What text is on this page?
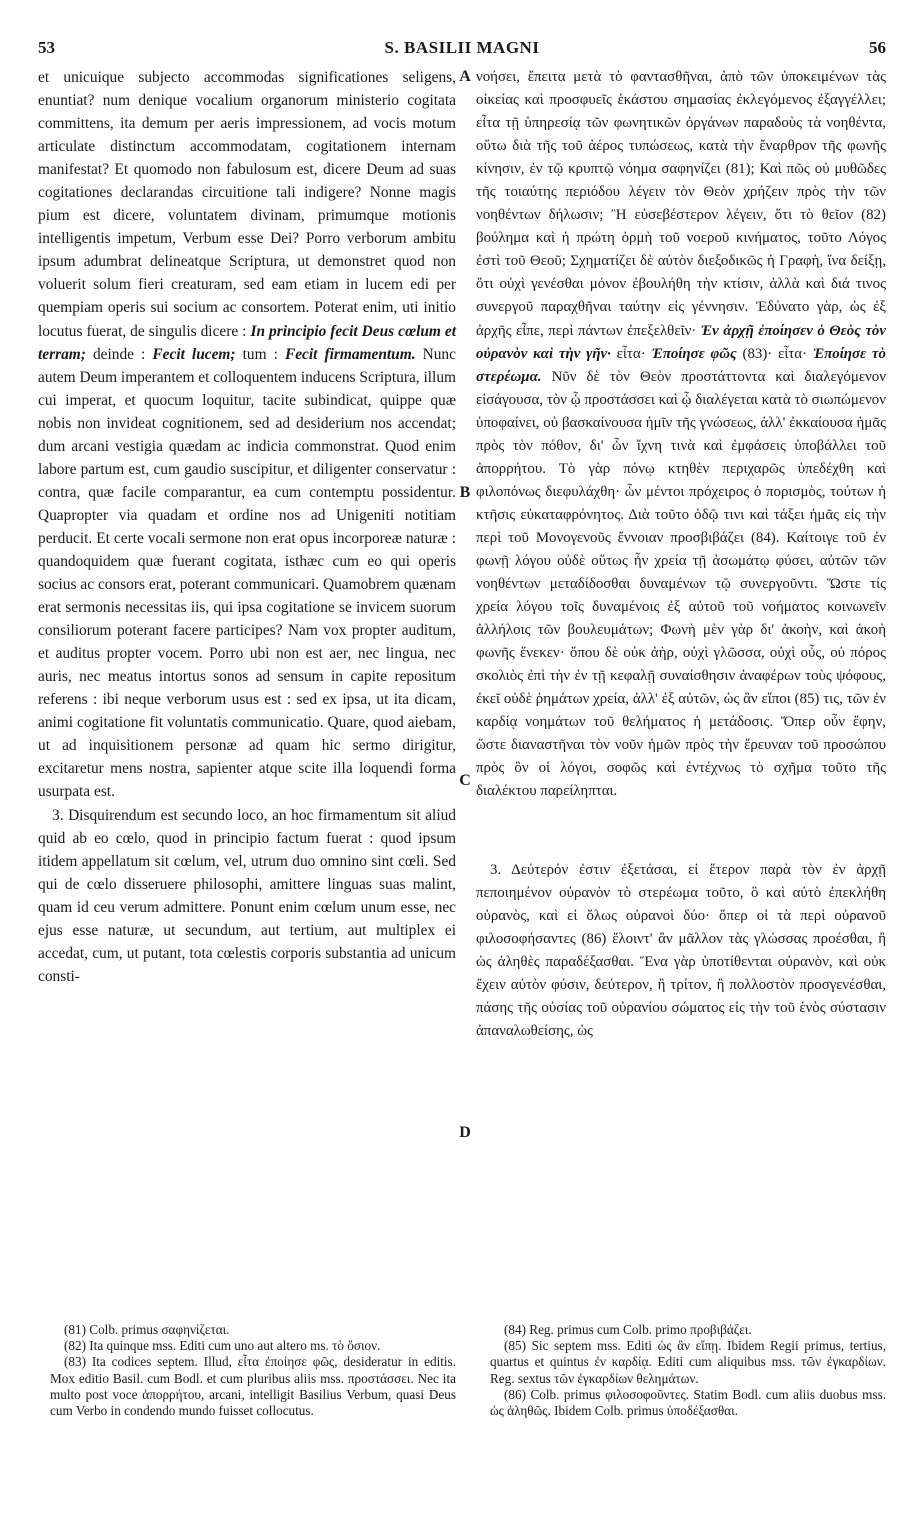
53	S. BASILII MAGNI	56

et unicuique subjecto accommodas significationes seligens, enuntiat? num denique vocalium organorum ministerio cogitata committens, ita demum per aeris impressionem, ad vocis motum articulate distinctum accommodatam, cogitationem internam manifestat? Et quomodo non fabulosum est, dicere Deum ad suas cogitationes declarandas circuitione tali indigere? Nonne magis pium est dicere, voluntatem divinam, primumque motionis intelligentis impetum, Verbum esse Dei? Porro verborum ambitu ipsum adumbrat delineatque Scriptura, ut demonstret quod non voluerit solum fieri creaturam, sed eam etiam in lucem edi per quempiam operis sui socium ac consortem. Poterat enim, uti initio locutus fuerat, de singulis dicere : In principio fecit Deus cœlum et terram; deinde : Fecit lucem; tum : Fecit firmamentum. Nunc autem Deum imperantem et colloquentem inducens Scriptura, illum cui imperat, et quocum loquitur, tacite subindicat, quippe quæ nobis non invideat cognitionem, sed ad desiderium nos accendat; dum arcani vestigia quædam ac indicia commonstrat. Quod enim labore partum est, cum gaudio suscipitur, et diligenter conservatur : contra, quæ facile comparantur, ea cum contemptu possidentur. Quapropter via quadam et ordine nos ad Unigeniti notitiam perducit. Et certe vocali sermone non erat opus incorporeæ naturæ : quandoquidem quæ fuerant cogitata, isthæc cum eo qui operis socius ac consors erat, poterant communicari. Quamobrem quænam erat sermonis necessitas iis, qui ipsa cogitatione se invicem suorum consiliorum poterant facere participes? Nam vox propter auditum, et auditus propter vocem. Porro ubi non est aer, nec lingua, nec auris, nec meatus intortus sonos ad sensum in capite repositum referens : ibi neque verborum usus est : sed ex ipsa, ut ita dicam, animi cogitatione fit voluntatis communicatio. Quare, quod aiebam, ut ad inquisitionem personæ ad quam hic sermo dirigitur, excitaretur mens nostra, sapienter atque scite illa loquendi forma usurpata est.

3. Disquirendum est secundo loco, an hoc firmamentum sit aliud quid ab eo cœlo, quod in principio factum fuerat : quod ipsum itidem appellatum sit cœlum, vel, utrum duo omnino sint cœli. Sed qui de cœlo disseruere philosophi, amittere linguas suas malint, quam id ceu verum admittere. Ponunt enim cœlum unum esse, nec ejus esse naturæ, ut secundum, aut tertium, aut multiplex ei accedat, cum, ut putant, tota cœlestis corporis substantia ad unicum consti-

νοήσει, ἔπειτα μετὰ τὸ φαντασθῆναι, ἀπὸ τῶν ὑποκειμένων τὰς οἰκείας καὶ προσφυεῖς ἑκάστου σημασίας ἐκλεγόμενος ἐξαγγέλλει; εἶτα τῇ ὑπηρεσίᾳ τῶν φωνητικῶν ὀργάνων παραδοὺς τὰ νοηθέντα, οὕτω διὰ τῆς τοῦ ἀέρος τυπώσεως, κατὰ τὴν ἔναρθρον τῆς φωνῆς κίνησιν, ἐν τῷ κρυπτῷ νόημα σαφηνίζει (81); Καὶ πῶς οὐ μυθῶδες τῆς τοιαύτης περιόδου λέγειν τὸν Θεὸν χρήζειν πρὸς τὴν τῶν νοηθέντων δήλωσιν; Ἢ εὐσεβέστερον λέγειν, ὅτι τὸ θεῖον (82) βούλημα καὶ ἡ πρώτη ὁρμὴ τοῦ νοεροῦ κινήματος, τοῦτο Λόγος ἐστὶ τοῦ Θεοῦ; Σχηματίζει δὲ αὐτὸν διεξοδικῶς ἡ Γραφὴ, ἵνα δείξῃ, ὅτι οὐχὶ γενέσθαι μόνον ἐβουλήθη τὴν κτίσιν, ἀλλὰ καὶ διά τινος συνεργοῦ παραχθῆναι ταύτην εἰς γέννησιν. Ἐδύνατο γὰρ, ὡς ἐξ ἀρχῆς εἶπε, περὶ πάντων ἐπεξελθεῖν· Ἐν ἀρχῇ ἐποίησεν ὁ Θεὸς τὸν οὐρανὸν καὶ τὴν γῆν· εἶτα· Ἐποίησε φῶς (83)· εἶτα· Ἐποίησε τὸ στερέωμα. Νῦν δὲ τὸν Θεὸν προστάττοντα καὶ διαλεγόμενον εἰσάγουσα, τὸν ᾧ προστάσσει καὶ ᾧ διαλέγεται κατὰ τὸ σιωπώμενον ὑποφαίνει, οὐ βασκαίνουσα ἡμῖν τῆς γνώσεως, ἀλλ' ἐκκαίουσα ἡμᾶς πρὸς τὸν πόθον, δι' ὧν ἴχνη τινὰ καὶ ἐμφάσεις ὑποβάλλει τοῦ ἀπορρήτου. Τὸ γὰρ πόνῳ κτηθὲν περιχαρῶς ὑπεδέχθη καὶ φιλοπόνως διεφυλάχθη· ὧν μέντοι πρόχειρος ὁ πορισμὸς, τούτων ἡ κτῆσις εὐκαταφρόνητος. Διὰ τοῦτο ὁδῷ τινι καὶ τάξει ἡμᾶς εἰς τὴν περὶ τοῦ Μονογενοῦς ἔννοιαν προσβιβάζει (84). Καίτοιγε τοῦ ἐν φωνῇ λόγου οὐδὲ οὕτως ἦν χρεία τῇ ἀσωμάτῳ φύσει, αὐτῶν τῶν νοηθέντων μεταδίδοσθαι δυναμένων τῷ συνεργοῦντι. Ὥστε τίς χρεία λόγου τοῖς δυναμένοις ἐξ αὐτοῦ τοῦ νοήματος κοινωνεῖν ἀλλήλοις τῶν βουλευμάτων; Φωνὴ μὲν γὰρ δι' ἀκοὴν, καὶ ἀκοὴ φωνῆς ἕνεκεν· ὅπου δὲ οὐκ ἀὴρ, οὐχὶ γλῶσσα, οὐχὶ οὖς, οὐ πόρος σκολιὸς ἐπὶ τὴν ἐν τῇ κεφαλῇ συναίσθησιν ἀναφέρων τοὺς ψόφους, ἐκεῖ οὐδὲ ῥημάτων χρεία, ἀλλ' ἐξ αὐτῶν, ὡς ἂν εἴποι (85) τις, τῶν ἐν καρδίᾳ νοημάτων τοῦ θελήματος ἡ μετάδοσις. Ὅπερ οὖν ἔφην, ὥστε διαναστῆναι τὸν νοῦν ἡμῶν πρὸς τὴν ἔρευναν τοῦ προσώπου πρὸς ὃν οἱ λόγοι, σοφῶς καὶ ἐντέχνως τὸ σχῆμα τοῦτο τῆς διαλέκτου παρείληπται.

3. Δεύτερόν ἐστιν ἐξετάσαι, εἰ ἕτερον παρὰ τὸν ἐν ἀρχῇ πεποιημένον οὐρανὸν τὸ στερέωμα τοῦτο, ὃ καὶ αὐτὸ ἐπεκλήθη οὐρανὸς, καὶ εἰ ὅλως οὐρανοὶ δύο· ὅπερ οἱ τὰ περὶ οὐρανοῦ φιλοσοφήσαντες (86) ἕλοιντ' ἂν μᾶλλον τὰς γλώσσας προέσθαι, ἢ ὡς ἀληθὲς παραδέξασθαι. Ἕνα γὰρ ὑποτίθενται οὐρανὸν, καὶ οὐκ ἔχειν αὐτὸν φύσιν, δεύτερον, ἢ τρίτον, ἢ πολλοστὸν προσγενέσθαι, πάσης τῆς οὐσίας τοῦ οὐρανίου σώματος εἰς τὴν τοῦ ἑνὸς σύστασιν ἀπαναλωθείσης, ὡς

A
B
C
D

(81) Colb. primus σαφηνίζεται.

(82) Ita quinque mss. Editi cum uno aut altero ms. τὸ ὅσιον.

(83) Ita codices septem. Illud, εἶτα ἐποίησε φῶς, desideratur in editis. Mox editio Basil. cum Bodl. et cum pluribus aliis mss. προστάσσει. Nec ita multo post voce ἀπορρήτου, arcani, intelligit Basilius Verbum, quasi Deus cum Verbo in condendo mundo fuisset collocutus.

(84) Reg. primus cum Colb. primo προβιβάζει.

(85) Sic septem mss. Editi ὡς ἂν εἴπῃ. Ibidem Regii primus, tertius, quartus et quintus ἐν καρδίᾳ. Editi cum aliquibus mss. τῶν ἐγκαρδίων. Reg. sextus τῶν ἐγκαρδίων θελημάτων.

(86) Colb. primus φιλοσοφοῦντες. Statim Bodl. cum aliis duobus mss. ὡς ἀληθῶς. Ibidem Colb. primus ὑποδέξασθαι.
